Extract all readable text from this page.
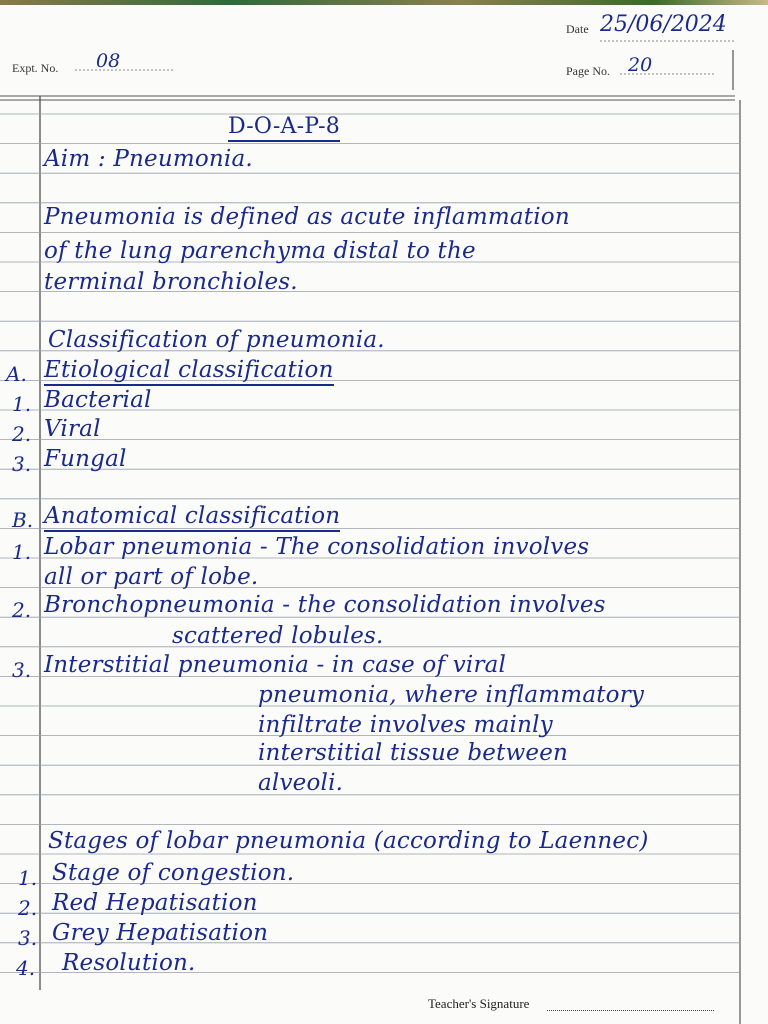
Date 25/06/2024
Expt. No. 08	Page No. 20
D-O-A-P-8
Aim : Pneumonia.
Pneumonia is defined as acute inflammation
of the lung parenchyma distal to the
terminal bronchioles.
Classification of pneumonia.
A. Etiological classification
1. Bacterial
2. Viral
3. Fungal
B. Anatomical classification
1. Lobar pneumonia - The consolidation involves
all or part of lobe.
2. Bronchopneumonia - the consolidation involves
scattered lobules.
3. Interstitial pneumonia - in case of viral
pneumonia, where inflammatory
infiltrate involves mainly
interstitial tissue between
alveoli.
Stages of lobar pneumonia (according to Laennec)
1. Stage of congestion.
2. Red Hepatisation
3. Grey Hepatisation
4. Resolution.
Teacher's Signature
